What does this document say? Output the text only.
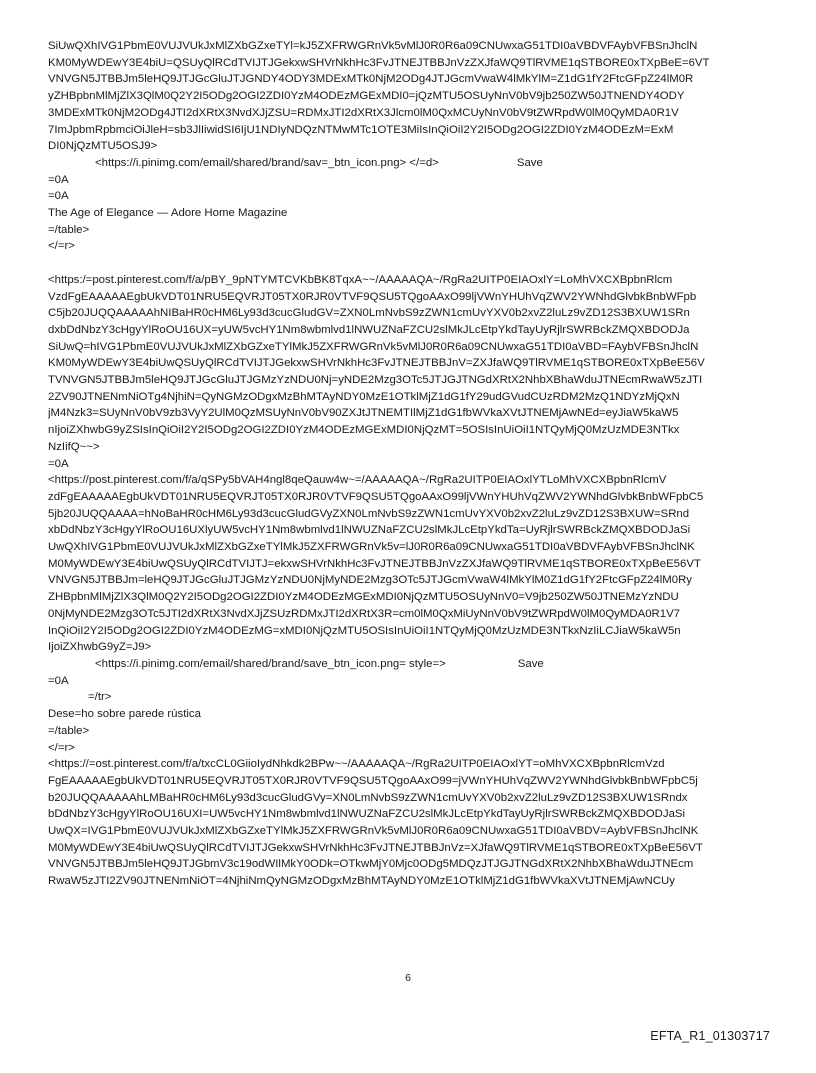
SiUwQXhIVG1PbmE0VUJVUkJxMlZXbGZxeTYl=kJ5ZXFRWGRnVk5vMlJ0R0R6a09CNUwxaG51TDI0aVBDVFAybVFBSnJhclN
KM0MyWDEwY3E4biU=QSUyQlRCdTVIJTJGekxwSHVrNkhHc3FvJTNEJTBBJnVzZXJfaWQ9TlRVME1qSTBORE0xTXpBeE=6VT
VNVGN5JTBBJm5leHQ9JTJGcGluJTJGNDY4ODY3MDExMTk0NjM2ODg4JTJGcmVwaW4lMkYlM=Z1dG1fY2FtcGFpZ24lM0R
yZHBpbnMlMjZlX3QlM0Q2Y2I5ODg2OGI2ZDI0YzM4ODEzMGExMDI0=jQzMTU5OSUyNnV0bV9jb250ZW50JTNENDY4ODY
3MDExMTk0NjM2ODg4JTI2dXRtX3NvdXJjZSU=RDMxJTI2dXRtX3Jlcm0lM0QxMCUyNnV0bV9tZWRpdW0lM0QyMDA0R1V
7ImJpbmRpbmciOiJleH=sb3JlIiwidSI6IjU1NDIyNDQzNTMwMTc1OTE3MiIsInQiOiI2Y2I5ODg2OGI2ZDI0YzM4ODEzM=ExM
DI0NjQzMTU5OSJ9>
<https://i.pinimg.com/email/shared/brand/sav=_btn_icon.png> </=d>	Save
=0A
=0A
The Age of Elegance — Adore Home Magazine
=/table>
</=r>
<https:/=post.pinterest.com/f/a/pBY_9pNTYMTCVKbBK8TqxA~~/AAAAAQA~/RgRa2UITP0EIAOxlY=LoMhVXCXBpbnRlcm
VzdFgEAAAAAEgbUkVDT01NRU5EQVRJT05TX0RJR0VTVF9QSU5TQgoAAxO99ljVWnYHUhVqZWV2YWNhdGlvbkBnbWFpb
C5jb20JUQQAAAAAhNIBaHR0cHM6Ly93d3cucGludGV=ZXN0LmNvbS9zZWN1cmUvYXV0b2xvZ2luLz9vZD12S3BXUW1SRn
dxbDdNbzY3cHgyYlRoOU16UX=yUW5vcHY1Nm8wbmlvd1lNWUZNaFZCU2slMkJLcEtpYkdTayUyRjlrSWRBckZMQXBDODJa
SiUwQ=hIVG1PbmE0VUJVUkJxMlZXbGZxeTYlMkJ5ZXFRWGRnVk5vMlJ0R0R6a09CNUwxaG51TDI0aVBD=FAybVFBSnJhclN
KM0MyWDEwY3E4biUwQSUyQlRCdTVIJTJGekxwSHVrNkhHc3FvJTNEJTBBJnV=ZXJfaWQ9TlRVME1qSTBORE0xTXpBeE56V
TVNVGN5JTBBJm5leHQ9JTJGcGluJTJGMzYzNDU0Nj=yNDE2Mzg3OTc5JTJGJTNGdXRtX2NhbXBhaWduJTNEcmRwaW5zJTI
2ZV90JTNENmNiOTg4NjhiN=QyNGMzODgxMzBhMTAyNDY0MzE1OTklMjZ1dG1fY29udGVudCUzRDM2MzQ1NDYzMjQxN
jM4Nzk3=SUyNnV0bV9zb3VyY2UlM0QzMSUyNnV0bV90ZXJtJTNEMTIlMjZ1dG1fbWVkaXVtJTNEMjAwNEd=eyJiaW5kaW5
nIjoiZXhwbG9yZSIsInQiOiI2Y2I5ODg2OGI2ZDI0YzM4ODEzMGExMDI0NjQzMT=5OSIsInUiOiI1NTQyMjQ0MzUzMDE3NTkx
NzIifQ~~>
=0A
<https://post.pinterest.com/f/a/qSPy5bVAH4ngl8qeQauw4w~=/AAAAAQA~/RgRa2UITP0EIAOxlYTLoMhVXCXBpbnRlcmV
zdFgEAAAAAEgbUkVDT01NRU5EQVRJT05TX0RJR0VTVF9QSU5TQgoAAxO99ljVWnYHUhVqZWV2YWNhdGlvbkBnbWFpbC5
5jb20JUQQAAAA=hNoBaHR0cHM6Ly93d3cucGludGVyZXN0LmNvbS9zZWN1cmUvYXV0b2xvZ2luLz9vZD12S3BXUW=SRnd
xbDdNbzY3cHgyYlRoOU16UXlyUW5vcHY1Nm8wbmlvd1lNWUZNaFZCU2slMkJLcEtpYkdTa=UyRjlrSWRBckZMQXBDODJaSi
UwQXhIVG1PbmE0VUJVUkJxMlZXbGZxeTYlMkJ5ZXFRWGRnVk5v=lJ0R0R6a09CNUwxaG51TDI0aVBDVFAybVFBSnJhclNK
M0MyWDEwY3E4biUwQSUyQlRCdTVIJTJ=ekxwSHVrNkhHc3FvJTNEJTBBJnVzZXJfaWQ9TlRVME1qSTBORE0xTXpBeE56VT
VNVGN5JTBBJm=leHQ9JTJGcGluJTJGMzYzNDU0NjMyNDE2Mzg3OTc5JTJGcmVwaW4lMkYlM0Z1dG1fY2FtcGFpZ24lM0Ry
ZHBpbnMlMjZlX3QlM0Q2Y2I5ODg2OGI2ZDI0YzM4ODEzMGExMDI0NjQzMTU5OSUyNnV0=V9jb250ZW50JTNEMzYzNDU
0NjMyNDE2Mzg3OTc5JTI2dXRtX3NvdXJjZSUzRDMxJTI2dXRtX3R=cm0lM0QxMiUyNnV0bV9tZWRpdW0lM0QyMDA0R1V7
InQiOiI2Y2I5ODg2OGI2ZDI0YzM4ODEzMG=xMDI0NjQzMTU5OSIsInUiOiI1NTQyMjQ0MzUzMDE3NTkxNzIiLCJiaW5kaW5n
IjoiZXhwbG9yZ=J9>
<https://i.pinimg.com/email/shared/brand/save_btn_icon.png= style=>	Save
=0A
=/tr>
Dese=ho sobre parede rústica
=/table>
</=r>
<https://=ost.pinterest.com/f/a/txcCL0GiioIydNhkdk2BPw~~/AAAAAQA~/RgRa2UITP0EIAOxlYT=oMhVXCXBpbnRlcmVzd
FgEAAAAAEgbUkVDT01NRU5EQVRJT05TX0RJR0VTVF9QSU5TQgoAAxO99=jVWnYHUhVqZWV2YWNhdGlvbkBnbWFpbC5j
b20JUQQAAAAAhLMBaHR0cHM6Ly93d3cucGludGVy=XN0LmNvbS9zZWN1cmUvYXV0b2xvZ2luLz9vZD12S3BXUW1SRndx
bDdNbzY3cHgyYlRoOU16UXI=UW5vcHY1Nm8wbmlvd1lNWUZNaFZCU2slMkJLcEtpYkdTayUyRjlrSWRBckZMQXBDODJaSi
UwQX=IVG1PbmE0VUJVUkJxMlZXbGZxeTYlMkJ5ZXFRWGRnVk5vMlJ0R0R6a09CNUwxaG51TDI0aVBDV=AybVFBSnJhclNK
M0MyWDEwY3E4biUwQSUyQlRCdTVIJTJGekxwSHVrNkhHc3FvJTNEJTBBJnVz=XJfaWQ9TlRVME1qSTBORE0xTXpBeE56VT
VNVGN5JTBBJm5leHQ9JTJGbmV3c19odWIlMkY0ODk=OTkwMjY0Mjc0ODg5MDQzJTJGJTNGdXRtX2NhbXBhaWduJTNEcm
RwaW5zJTI2ZV90JTNENmNiOT=4NjhiNmQyNGMzODgxMzBhMTAyNDY0MzE1OTklMjZ1dG1fbWVkaXVtJTNEMjAwNCUy
6
EFTA_R1_01303717
